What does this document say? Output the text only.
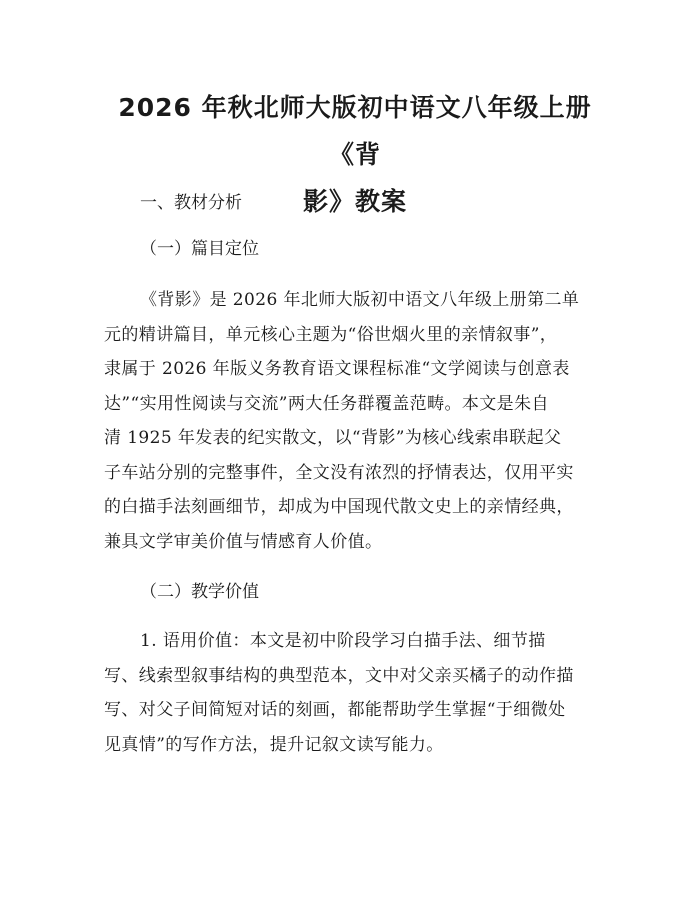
2026 年秋北师大版初中语文八年级上册《背
影》教案
一、教材分析
（一）篇目定位

《背影》是 2026 年北师大版初中语文八年级上册第二单
元的精讲篇目，单元核心主题为“俗世烟火里的亲情叙事”，
隶属于 2026 年版义务教育语文课程标准“文学阅读与创意表
达”“实用性阅读与交流”两大任务群覆盖范畴。本文是朱自
清 1925 年发表的纪实散文，以“背影”为核心线索串联起父
子车站分别的完整事件，全文没有浓烈的抒情表达，仅用平实
的白描手法刻画细节，却成为中国现代散文史上的亲情经典，
兼具文学审美价值与情感育人价值。

（二）教学价值

1. 语用价值：本文是初中阶段学习白描手法、细节描
写、线索型叙事结构的典型范本，文中对父亲买橘子的动作描
写、对父子间简短对话的刻画，都能帮助学生掌握“于细微处
见真情”的写作方法，提升记叙文读写能力。
